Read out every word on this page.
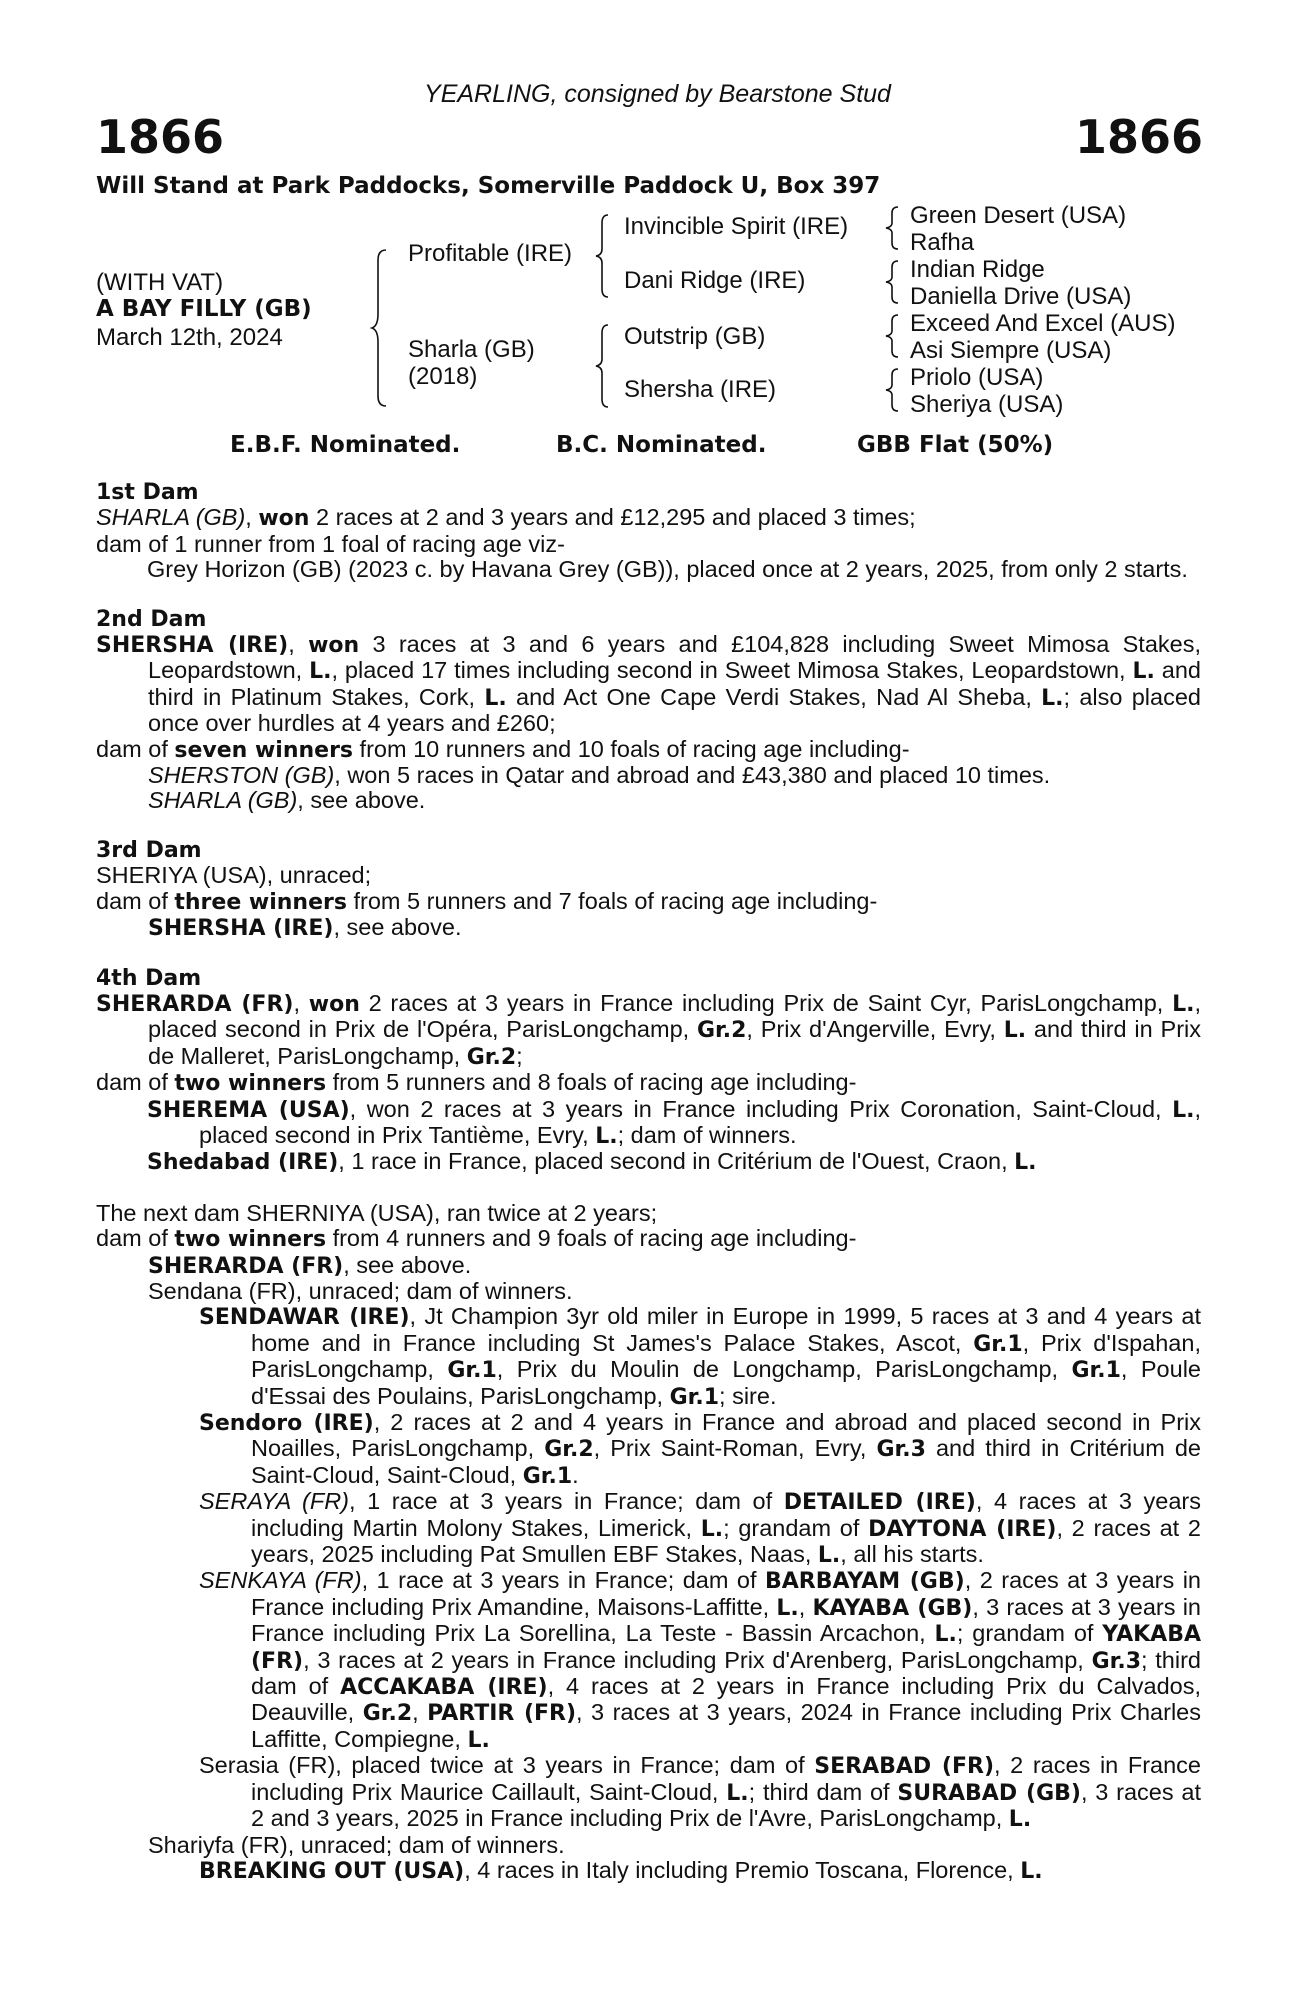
YEARLING, consigned by Bearstone Stud
1866	1866
Will Stand at Park Paddocks, Somerville Paddock U, Box 397
(WITH VAT)
A BAY FILLY (GB)
March 12th, 2024
Profitable (IRE)
Sharla (GB)
(2018)
Invincible Spirit (IRE)
Dani Ridge (IRE)
Outstrip (GB)
Shersha (IRE)
Green Desert (USA)
Rafha
Indian Ridge
Daniella Drive (USA)
Exceed And Excel (AUS)
Asi Siempre (USA)
Priolo (USA)
Sheriya (USA)
E.B.F. Nominated.	B.C. Nominated.	GBB Flat (50%)
1st Dam
SHARLA (GB), won 2 races at 2 and 3 years and £12,295 and placed 3 times;
dam of 1 runner from 1 foal of racing age viz-
Grey Horizon (GB) (2023 c. by Havana Grey (GB)), placed once at 2 years, 2025, from only 2 starts.
2nd Dam
SHERSHA (IRE), won 3 races at 3 and 6 years and £104,828 including Sweet Mimosa Stakes, Leopardstown, L., placed 17 times including second in Sweet Mimosa Stakes, Leopardstown, L. and third in Platinum Stakes, Cork, L. and Act One Cape Verdi Stakes, Nad Al Sheba, L.; also placed once over hurdles at 4 years and £260;
dam of seven winners from 10 runners and 10 foals of racing age including-
SHERSTON (GB), won 5 races in Qatar and abroad and £43,380 and placed 10 times.
SHARLA (GB), see above.
3rd Dam
SHERIYA (USA), unraced;
dam of three winners from 5 runners and 7 foals of racing age including-
SHERSHA (IRE), see above.
4th Dam
SHERARDA (FR), won 2 races at 3 years in France including Prix de Saint Cyr, ParisLongchamp, L., placed second in Prix de l'Opéra, ParisLongchamp, Gr.2, Prix d'Angerville, Evry, L. and third in Prix de Malleret, ParisLongchamp, Gr.2;
dam of two winners from 5 runners and 8 foals of racing age including-
SHEREMA (USA), won 2 races at 3 years in France including Prix Coronation, Saint-Cloud, L., placed second in Prix Tantième, Evry, L.; dam of winners.
Shedabad (IRE), 1 race in France, placed second in Critérium de l'Ouest, Craon, L.
The next dam SHERNIYA (USA), ran twice at 2 years;
dam of two winners from 4 runners and 9 foals of racing age including-
SHERARDA (FR), see above.
Sendana (FR), unraced; dam of winners.
SENDAWAR (IRE), Jt Champion 3yr old miler in Europe in 1999, 5 races at 3 and 4 years at home and in France including St James's Palace Stakes, Ascot, Gr.1, Prix d'Ispahan, ParisLongchamp, Gr.1, Prix du Moulin de Longchamp, ParisLongchamp, Gr.1, Poule d'Essai des Poulains, ParisLongchamp, Gr.1; sire.
Sendoro (IRE), 2 races at 2 and 4 years in France and abroad and placed second in Prix Noailles, ParisLongchamp, Gr.2, Prix Saint-Roman, Evry, Gr.3 and third in Critérium de Saint-Cloud, Saint-Cloud, Gr.1.
SERAYA (FR), 1 race at 3 years in France; dam of DETAILED (IRE), 4 races at 3 years including Martin Molony Stakes, Limerick, L.; grandam of DAYTONA (IRE), 2 races at 2 years, 2025 including Pat Smullen EBF Stakes, Naas, L., all his starts.
SENKAYA (FR), 1 race at 3 years in France; dam of BARBAYAM (GB), 2 races at 3 years in France including Prix Amandine, Maisons-Laffitte, L., KAYABA (GB), 3 races at 3 years in France including Prix La Sorellina, La Teste - Bassin Arcachon, L.; grandam of YAKABA (FR), 3 races at 2 years in France including Prix d'Arenberg, ParisLongchamp, Gr.3; third dam of ACCAKABA (IRE), 4 races at 2 years in France including Prix du Calvados, Deauville, Gr.2, PARTIR (FR), 3 races at 3 years, 2024 in France including Prix Charles Laffitte, Compiegne, L.
Serasia (FR), placed twice at 3 years in France; dam of SERABAD (FR), 2 races in France including Prix Maurice Caillault, Saint-Cloud, L.; third dam of SURABAD (GB), 3 races at 2 and 3 years, 2025 in France including Prix de l'Avre, ParisLongchamp, L.
Shariyfa (FR), unraced; dam of winners.
BREAKING OUT (USA), 4 races in Italy including Premio Toscana, Florence, L.
